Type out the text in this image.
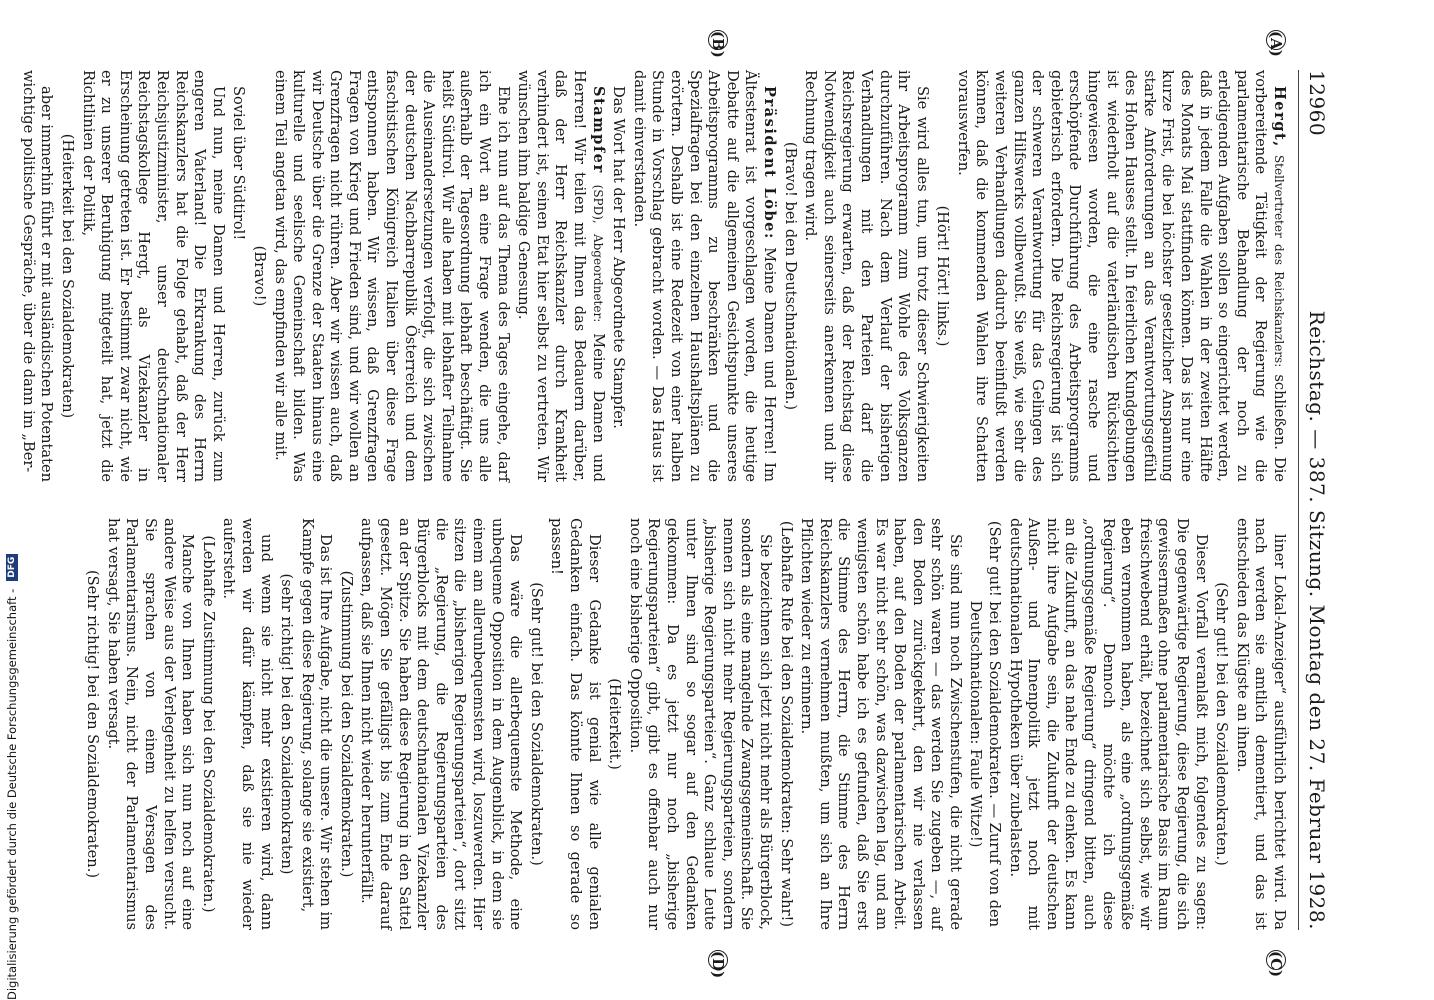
12960
Reichstag. — 387. Sitzung. Montag den 27. Februar 1928.
(A)
(B)
(C)
(D)

Hergt, Stellvertreter des Reichskanzlers: schließen. Die vorbereitende Tätigkeit der Regierung wie die parlamentarische Behandlung der noch zu erledigenden Aufgaben sollen so eingerichtet werden, daß in jedem Falle die Wahlen in der zweiten Hälfte des Monats Mai stattfinden können. Das ist nur eine kurze Frist, die bei höchster gesetzlicher Anspannung starke Anforderungen an das Verantwortungsgefühl des Hohen Hauses stellt. In feierlichen Kundgebungen ist wiederholt auf die vaterländischen Rücksichten hingewiesen worden, die eine rasche und erschöpfende Durchführung des Arbeitsprogramms gebieterisch erfordern. Die Reichsregierung ist sich der schweren Verantwortung für das Gelingen des ganzen Hilfswerks vollbewußt. Sie weiß, wie sehr die weiteren Verhandlungen dadurch beeinflußt werden können, daß die kommenden Wahlen ihre Schatten vorauswerfen.

(Hört! Hört! links.)

Sie wird alles tun, um trotz dieser Schwierigkeiten ihr Arbeitsprogramm zum Wohle des Volksganzen durchzuführen. Nach dem Verlauf der bisherigen Verhandlungen mit den Parteien darf die Reichsregierung erwarten, daß der Reichstag diese Notwendigkeit auch seinerseits anerkennen und ihr Rechnung tragen wird.

(Bravo! bei den Deutschnationalen.)

Präsident Löbe: Meine Damen und Herren! Im Ältestenrat ist vorgeschlagen worden, die heutige Debatte auf die allgemeinen Gesichtspunkte unseres Arbeitsprogramms zu beschränken und die Spezialfragen bei den einzelnen Haushaltsplänen zu erörtern. Deshalb ist eine Redezeit von einer halben Stunde in Vorschlag gebracht worden. — Das Haus ist damit einverstanden.

Das Wort hat der Herr Abgeordnete Stampfer.

Stampfer (SPD), Abgeordneter: Meine Damen und Herren! Wir teilen mit Ihnen das Bedauern darüber, daß der Herr Reichskanzler durch Krankheit verhindert ist, seinen Etat hier selbst zu vertreten. Wir wünschen ihm baldige Genesung.

Ehe ich nun auf das Thema des Tages eingehe, darf ich ein Wort an eine Frage wenden, die uns alle außerhalb der Tagesordnung lebhaft beschäftigt. Sie heißt Südtirol. Wir alle haben mit lebhafter Teilnahme die Auseinandersetzungen verfolgt, die sich zwischen der deutschen Nachbarrepublik Österreich und dem faschistischen Königreich Italien über diese Frage entsponnen haben. Wir wissen, daß Grenzfragen Fragen von Krieg und Frieden sind, und wir wollen an Grenzfragen nicht rühren. Aber wir wissen auch, daß wir Deutsche über die Grenze der Staaten hinaus eine kulturelle und seelische Gemeinschaft bilden. Was einem Teil angetan wird, das empfinden wir alle mit.

(Bravo!)

Soviel über Südtirol!

Und nun, meine Damen und Herren, zurück zum engeren Vaterland! Die Erkrankung des Herrn Reichskanzlers hat die Folge gehabt, daß der Herr Reichsjustizminister, unser deutschnationaler Reichstagskollege Hergt, als Vizekanzler in Erscheinung getreten ist. Er bestimmt zwar nicht, wie er zu unserer Beruhigung mitgeteilt hat, jetzt die Richtlinien der Politik,

(Heiterkeit bei den Sozialdemokraten)

aber immerhin führt er mit ausländischen Potentaten wichtige politische Gespräche, über die dann im „Ber-

liner Lokal-Anzeiger“ ausführlich berichtet wird. Da nach werden sie amtlich dementiert, und das ist entschieden das Klügste an ihnen.

(Sehr gut! bei den Sozialdemokraten.)

Dieser Vorfall veranlaßt mich, folgendes zu sagen: Die gegenwärtige Regierung, diese Regierung, die sich gewissermaßen ohne parlamentarische Basis im Raum freischwebend erhält, bezeichnet sich selbst, wie wir eben vernommen haben, als eine „ordnungsgemäße Regierung“. Dennoch möchte ich diese „ordnungsgemäße Regierung“ dringend bitten, auch an die Zukunft, an das nahe Ende zu denken. Es kann nicht ihre Aufgabe sein, die Zukunft der deutschen Außen- und Innenpolitik jetzt noch mit deutschnationalen Hypotheken über zubelasten.

(Sehr gut! bei den Sozialdemokraten. — Zuruf von den Deutschnationalen: Faule Witze!)

Sie sind nun noch Zwischenstufen, die nicht gerade sehr schön waren — das werden Sie zugeben —, auf den Boden zurückgekehrt, den wir nie verlassen haben, auf den Boden der parlamentarischen Arbeit. Es war nicht sehr schön, was dazwischen lag, und am wenigsten schön habe ich es gefunden, daß Sie erst die Stimme des Herrn, die Stimme des Herrn Reichskanzlers vernehmen mußten, um sich an Ihre Pflichten wieder zu erinnern.

(Lebhafte Rufe bei den Sozialdemokraten: Sehr wahr!)

Sie bezeichnen sich jetzt nicht mehr als Bürgerblock, sondern als eine mangelnde Zwangsgemeinschaft. Sie nennen sich nicht mehr Regierungsparteien, sondern „bisherige Regierungsparteien“. Ganz schlaue Leute unter Ihnen sind so sogar auf den Gedanken gekommen: Da es jetzt nur noch „bisherige Regierungsparteien“ gibt, gibt es offenbar auch nur noch eine bisherige Opposition.

(Heiterkeit.)

Dieser Gedanke ist genial wie alle genialen Gedanken einfach. Das könnte Ihnen so gerade so passen!

(Sehr gut! bei den Sozialdemokraten.)

Das wäre die allerbequemste Methode, eine unbequeme Opposition in dem Augenblick, in dem sie einem am allerunbequemsten wird, loszuwerden. Hier sitzen die „bisherigen Regierungsparteien“, dort sitzt die „Regierung, die Regierungsparteien des Bürgerblocks mit dem deutschnationalen Vizekanzler an der Spitze. Sie haben diese Regierung in den Sattel gesetzt. Mögen Sie gefälligst bis zum Ende darauf aufpassen, daß sie Ihnen nicht wieder herunterfällt.

(Zustimmung bei den Sozialdemokraten.)

Das ist Ihre Aufgabe, nicht die unsere. Wir stehen im Kampfe gegen diese Regierung, solange sie existiert,

(sehr richtig! bei den Sozialdemokraten)

und wenn sie nicht mehr existieren wird, dann werden wir dafür kämpfen, daß sie nie wieder aufersteht.

(Lebhafte Zustimmung bei den Sozialdemokraten.)

Manche von Ihnen haben sich nun noch auf eine andere Weise aus der Verlegenheit zu helfen versucht. Sie sprachen von einem Versagen des Parlamentarismus. Nein, nicht der Parlamentarismus hat versagt, Sie haben versagt.

(Sehr richtig! bei den Sozialdemokraten.)

Digitalisierung gefördert durch die Deutsche Forschungsgemeinschaft -
DFG
